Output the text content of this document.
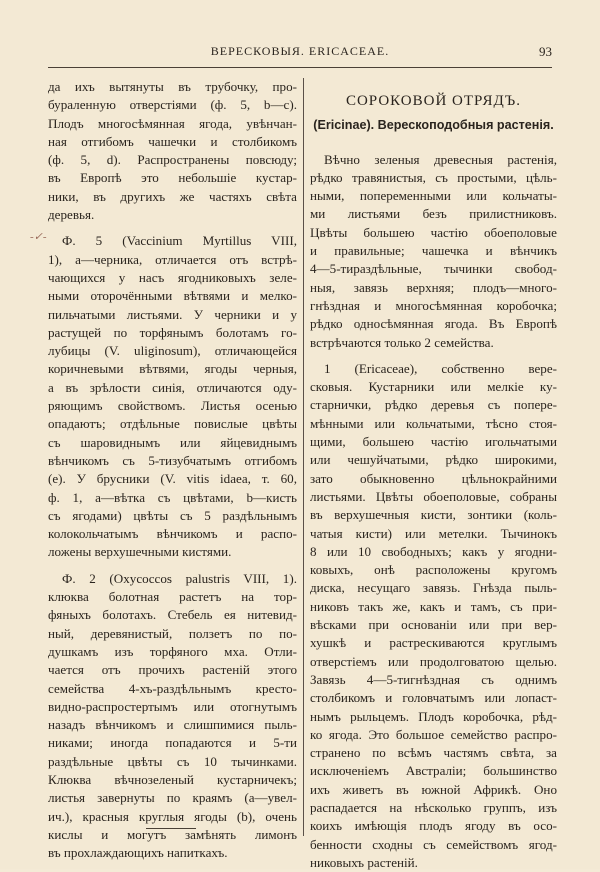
ВЕРЕСКОВЫЯ. ERICACEAE.	93
-✓-
да ихъ вытянуты въ трубочку, про-
бураленную отверстіями (ф. 5, b—c).
Плодъ многосѣмянная ягода, увѣнчан-
ная отгибомъ чашечки и столбикомъ
(ф. 5, d). Распространены повсюду;
въ Европѣ это небольшіе кустар-
ники, въ другихъ же частяхъ свѣта
деревья.
Ф. 5 (Vaccinium Myrtillus VIII,
1), a—черника, отличается отъ встрѣ-
чающихся у насъ ягодниковыхъ зеле-
ными оторочёнными вѣтвями и мелко-
пильчатыми листьями. У черники и у
растущей по торфянымъ болотамъ го-
лубицы (V. uliginosum), отличающейся
коричневыми вѣтвями, ягоды черныя,
а въ зрѣлости синія, отличаются оду-
ряющимъ свойствомъ. Листья осенью
опадаютъ; отдѣльные повислые цвѣты
съ шаровиднымъ или яйцевиднымъ
вѣнчикомъ съ 5-тизубчатымъ отгибомъ
(e). У брусники (V. vitis idaea, т. 60,
ф. 1, a—вѣтка съ цвѣтами, b—кисть
съ ягодами) цвѣты съ 5 раздѣльнымъ
колокольчатымъ вѣнчикомъ и распо-
ложены верхушечными кистями.
Ф. 2 (Oxycoccos palustris VIII, 1).
клюква болотная растетъ на тор-
фяныхъ болотахъ. Стебель ея нитевид-
ный, деревянистый, ползетъ по по-
душкамъ изъ торфяного мха. Отли-
чается отъ прочихъ растеній этого
семейства 4-хъ-раздѣльнымъ кресто-
видно-распростертымъ или отогнутымъ
назадъ вѣнчикомъ и слишпимися пыль-
никами; иногда попадаются и 5-ти
раздѣльные цвѣты съ 10 тычинками.
Клюква вѣчнозеленый кустарничекъ;
листья завернуты по краямъ (a—увел-
ич.), красныя круглыя ягоды (b), очень
кислы и могутъ замѣнять лимонъ
въ прохлаждающихъ напиткахъ.
СОРОКОВОЙ ОТРЯДЪ.
(Ericinae). Верескоподобныя растенія.
Вѣчно зеленыя древесныя растенія,
рѣдко травянистыя, съ простыми, цѣль-
ными, попеременными или кольчаты-
ми листьями безъ прилистниковъ.
Цвѣты большею частію обоеполовые
и правильные; чашечка и вѣнчикъ
4—5-тираздѣльные, тычинки свобод-
ныя, завязь верхняя; плодъ—много-
гнѣздная и многосѣмянная коробочка;
рѣдко односѣмянная ягода. Въ Европѣ
встрѣчаются только 2 семейства.
1 (Ericaceae), собственно вере-
сковыя. Кустарники или мелкіе ку-
старнички, рѣдко деревья съ попере-
мѣнными или кольчатыми, тѣсно стоя-
щими, большею частію игольчатыми
или чешуйчатыми, рѣдко широкими,
зато обыкновенно цѣльнокрайними
листьями. Цвѣты обоеполовые, собраны
въ верхушечныя кисти, зонтики (коль-
чатыя кисти) или метелки. Тычинокъ
8 или 10 свободныхъ; какъ у ягодни-
ковыхъ, онѣ расположены кругомъ
диска, несущаго завязь. Гнѣзда пыль-
никовъ такъ же, какъ и тамъ, съ при-
вѣсками при основаніи или при вер-
хушкѣ и растрескиваются круглымъ
отверстіемъ или продолговатою щелью.
Завязь 4—5-тигнѣздная съ однимъ
столбикомъ и головчатымъ или лопаст-
нымъ рыльцемъ. Плодъ коробочка, рѣд-
ко ягода. Это большое семейство распро-
странено по всѣмъ частямъ свѣта, за
исключеніемъ Австраліи; большинство
ихъ живетъ въ южной Африкѣ. Оно
распадается на нѣсколько группъ, изъ
коихъ имѣющія плодъ ягоду въ осо-
бенности сходны съ семействомъ ягод-
никовыхъ растеній.
